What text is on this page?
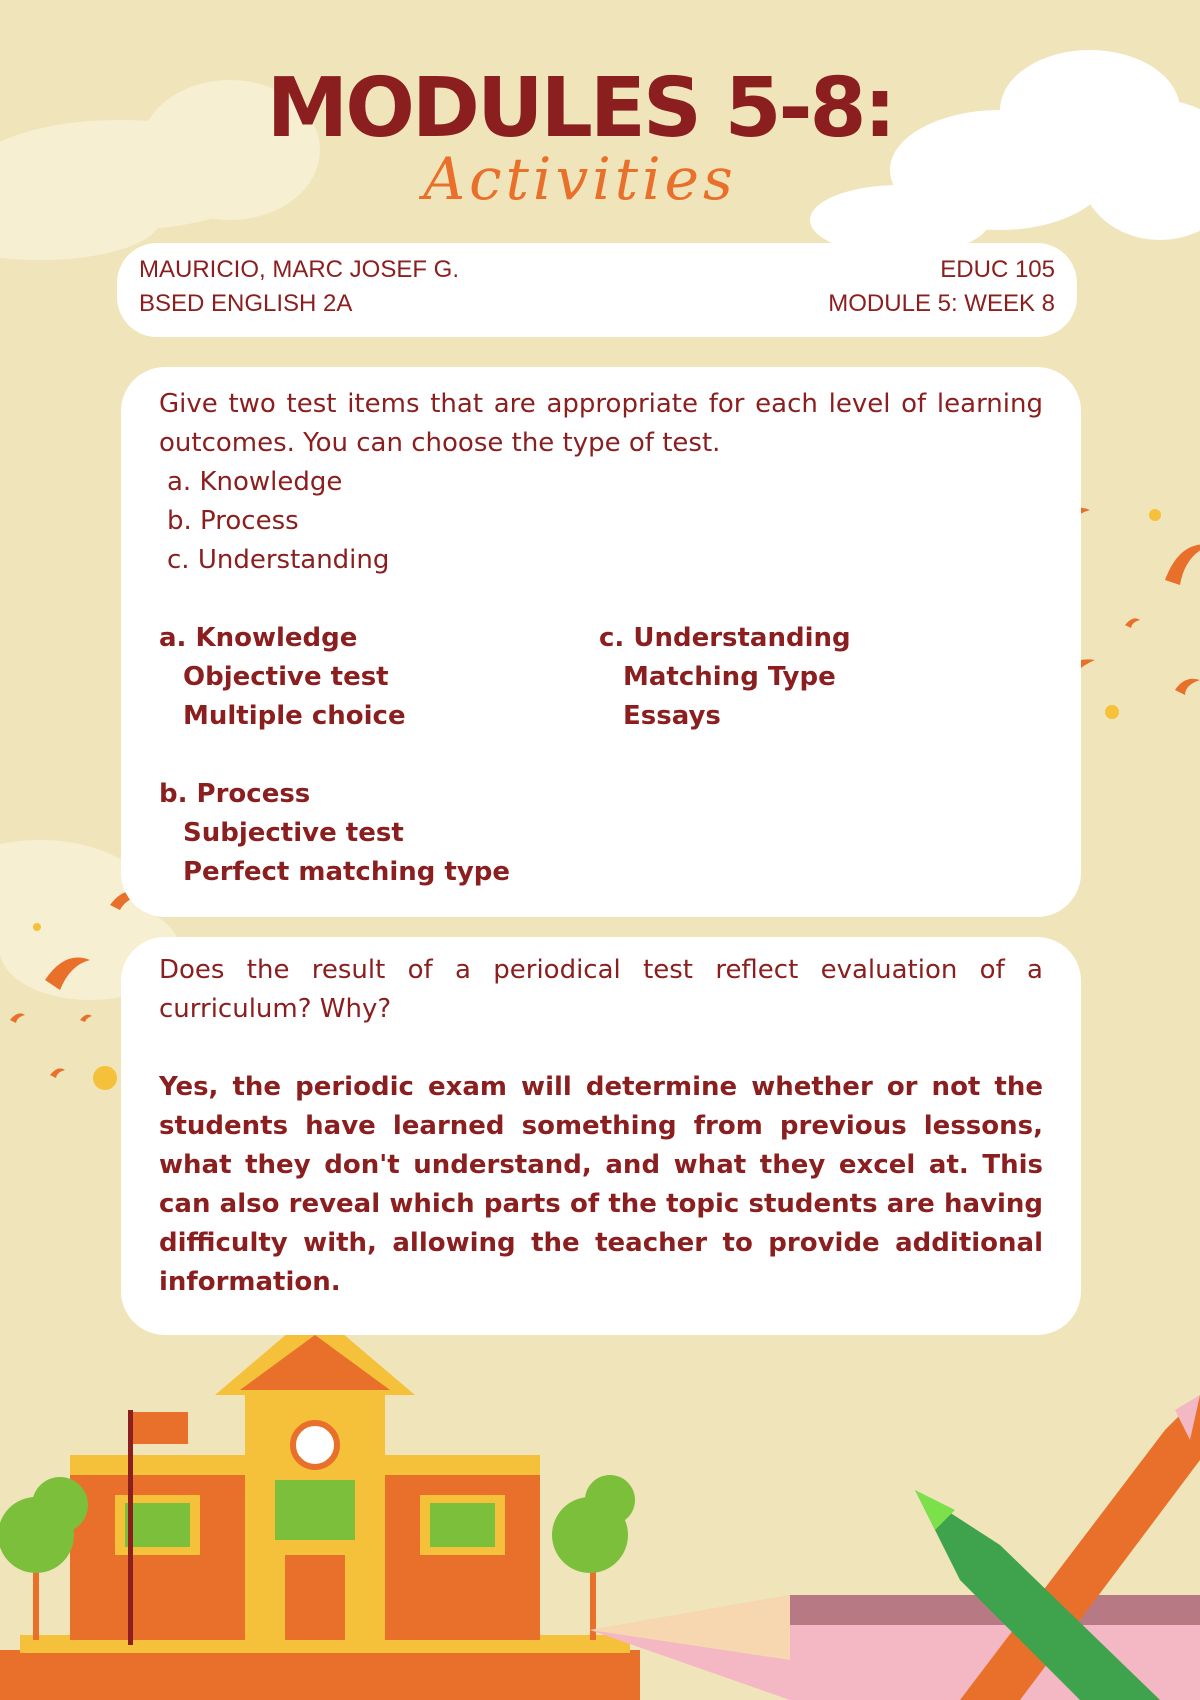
MODULES 5-8:
Activities
MAURICIO, MARC JOSEF G.	EDUC 105
BSED ENGLISH 2A	MODULE 5: WEEK 8

Give two test items that are appropriate for each level of learning outcomes. You can choose the type of test.

a. Knowledge
b. Process
c. Understanding
a. Knowledge
Objective test
Multiple choice
c. Understanding
Matching Type
Essays
b. Process
Subjective test
Perfect matching type

Does the result of a periodical test reflect evaluation of a curriculum? Why?

Yes, the periodic exam will determine whether or not the students have learned something from previous lessons, what they don't understand, and what they excel at. This can also reveal which parts of the topic students are having difficulty with, allowing the teacher to provide additional information.
